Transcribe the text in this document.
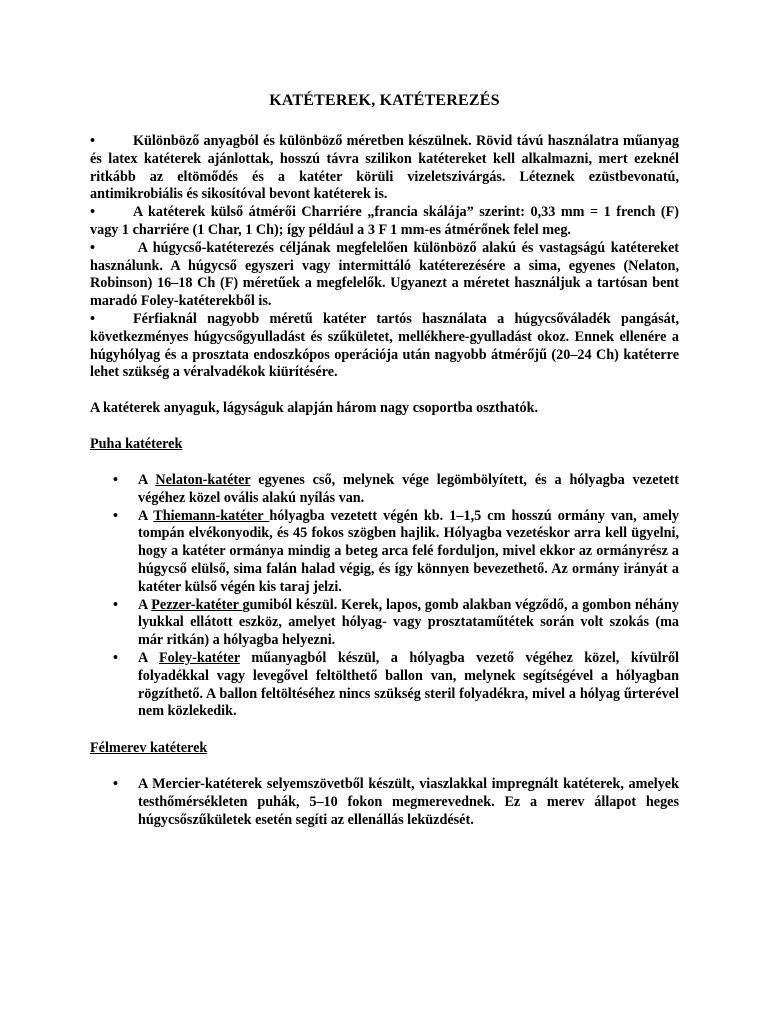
KATÉTEREK, KATÉTEREZÉS

•	Különböző anyagból és különböző méretben készülnek. Rövid távú használatra műanyag és latex katéterek ajánlottak, hosszú távra szilikon katétereket kell alkalmazni, mert ezeknél ritkább az eltömődés és a katéter körüli vizeletszivárgás. Léteznek ezüstbevonatú, antimikrobiális és sikosítóval bevont katéterek is.

•	A katéterek külső átmérői Charriére „francia skálája” szerint: 0,33 mm = 1 french (F) vagy 1 charriére (1 Char, 1 Ch); így például a 3 F 1 mm-es átmérőnek felel meg.

•	A húgycső-katéterezés céljának megfelelően különböző alakú és vastagságú katétereket használunk. A húgycső egyszeri vagy intermittáló katéterezésére a sima, egyenes (Nelaton, Robinson) 16–18 Ch (F) méretűek a megfelelők. Ugyanezt a méretet használjuk a tartósan bent maradó Foley-katéterekből is.

•	Férfiaknál nagyobb méretű katéter tartós használata a húgycsőváladék pangását, következményes húgycsőgyulladást és szűkületet, mellékhere-gyulladást okoz. Ennek ellenére a húgyhólyag és a prosztata endoszkópos operációja után nagyobb átmérőjű (20–24 Ch) katéterre lehet szükség a véralvadékok kiürítésére.

A katéterek anyaguk, lágyságuk alapján három nagy csoportba oszthatók.

Puha katéterek

• A Nelaton-katéter egyenes cső, melynek vége legömbölyített, és a hólyagba vezetett végéhez közel ovális alakú nyílás van.

• A Thiemann-katéter hólyagba vezetett végén kb. 1–1,5 cm hosszú ormány van, amely tompán elvékonyodik, és 45 fokos szögben hajlik. Hólyagba vezetéskor arra kell ügyelni, hogy a katéter ormánya mindig a beteg arca felé forduljon, mivel ekkor az ormányrész a húgycső elülső, sima falán halad végig, és így könnyen bevezethető. Az ormány irányát a katéter külső végén kis taraj jelzi.

• A Pezzer-katéter gumiból készül. Kerek, lapos, gomb alakban végződő, a gombon néhány lyukkal ellátott eszköz, amelyet hólyag- vagy prosztataműtétek során volt szokás (ma már ritkán) a hólyagba helyezni.

• A Foley-katéter műanyagból készül, a hólyagba vezető végéhez közel, kívülről folyadékkal vagy levegővel feltölthető ballon van, melynek segítségével a hólyagban rögzíthető. A ballon feltöltéséhez nincs szükség steril folyadékra, mivel a hólyag űrterével nem közlekedik.

Félmerev katéterek

• A Mercier-katéterek selyemszövetből készült, viaszlakkal impregnált katéterek, amelyek testhőmérsékleten puhák, 5–10 fokon megmerevednek. Ez a merev állapot heges húgycsőszűkületek esetén segíti az ellenállás leküzdését.
